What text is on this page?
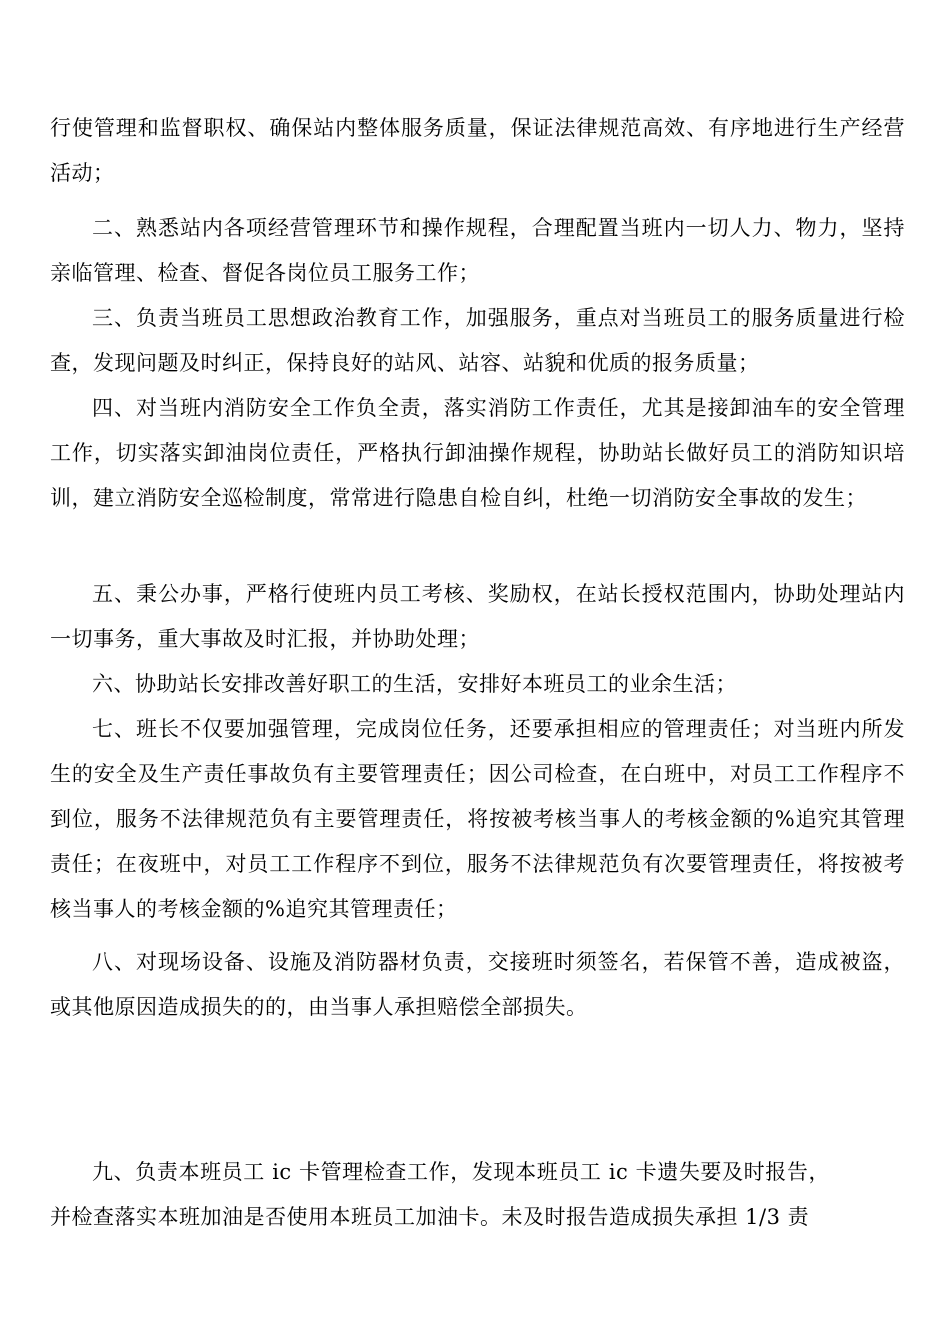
行使管理和监督职权、确保站内整体服务质量，保证法律规范高效、有序地进行生产经营活动；

二、熟悉站内各项经营管理环节和操作规程，合理配置当班内一切人力、物力，坚持亲临管理、检查、督促各岗位员工服务工作；

三、负责当班员工思想政治教育工作，加强服务，重点对当班员工的服务质量进行检查，发现问题及时纠正，保持良好的站风、站容、站貌和优质的报务质量；

四、对当班内消防安全工作负全责，落实消防工作责任，尤其是接卸油车的安全管理工作，切实落实卸油岗位责任，严格执行卸油操作规程，协助站长做好员工的消防知识培训，建立消防安全巡检制度，常常进行隐患自检自纠，杜绝一切消防安全事故的发生；

五、秉公办事，严格行使班内员工考核、奖励权，在站长授权范围内，协助处理站内一切事务，重大事故及时汇报，并协助处理；

六、协助站长安排改善好职工的生活，安排好本班员工的业余生活；

七、班长不仅要加强管理，完成岗位任务，还要承担相应的管理责任；对当班内所发生的安全及生产责任事故负有主要管理责任；因公司检查，在白班中，对员工工作程序不到位，服务不法律规范负有主要管理责任，将按被考核当事人的考核金额的%追究其管理责任；在夜班中，对员工工作程序不到位，服务不法律规范负有次要管理责任，将按被考核当事人的考核金额的%追究其管理责任；

八、对现场设备、设施及消防器材负责，交接班时须签名，若保管不善，造成被盗，或其他原因造成损失的的，由当事人承担赔偿全部损失。

九、负责本班员工 ic 卡管理检查工作，发现本班员工 ic 卡遗失要及时报告，并检查落实本班加油是否使用本班员工加油卡。未及时报告造成损失承担 1/3 责
